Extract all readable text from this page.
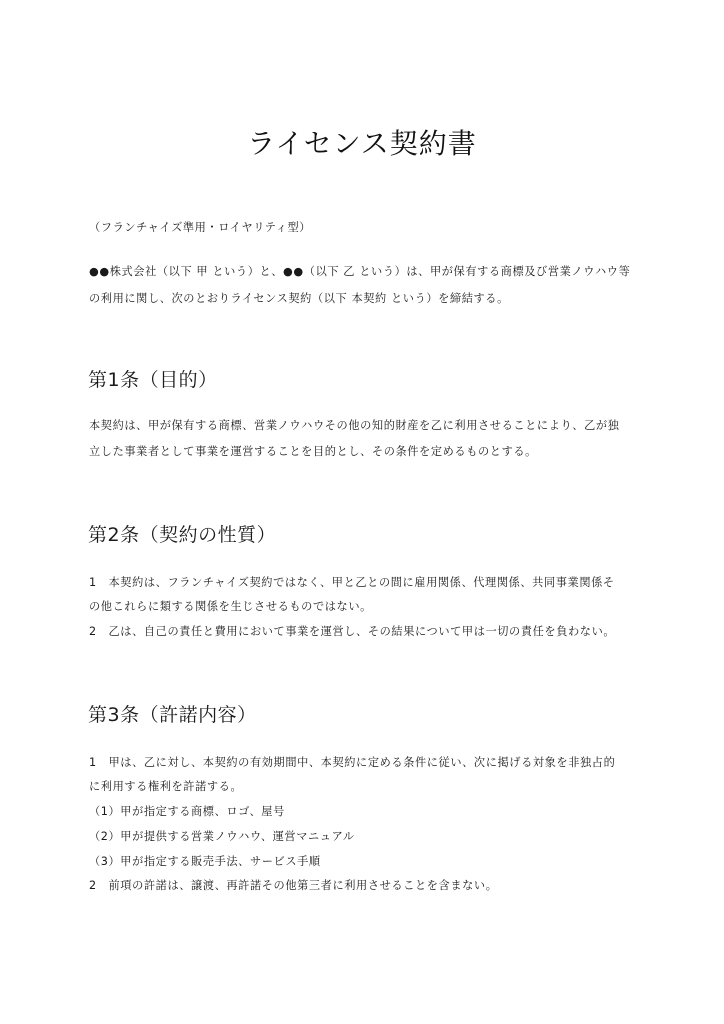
ライセンス契約書
（フランチャイズ準用・ロイヤリティ型）
●●株式会社（以下 甲 という）と、●●（以下 乙 という）は、甲が保有する商標及び営業ノウハウ等
の利用に関し、次のとおりライセンス契約（以下 本契約 という）を締結する。
第1条（目的）
本契約は、甲が保有する商標、営業ノウハウその他の知的財産を乙に利用させることにより、乙が独
立した事業者として事業を運営することを目的とし、その条件を定めるものとする。
第2条（契約の性質）
1　本契約は、フランチャイズ契約ではなく、甲と乙との間に雇用関係、代理関係、共同事業関係そ
の他これらに類する関係を生じさせるものではない。
2　乙は、自己の責任と費用において事業を運営し、その結果について甲は一切の責任を負わない。
第3条（許諾内容）
1　甲は、乙に対し、本契約の有効期間中、本契約に定める条件に従い、次に掲げる対象を非独占的
に利用する権利を許諾する。
（1）甲が指定する商標、ロゴ、屋号
（2）甲が提供する営業ノウハウ、運営マニュアル
（3）甲が指定する販売手法、サービス手順
2　前項の許諾は、譲渡、再許諾その他第三者に利用させることを含まない。
